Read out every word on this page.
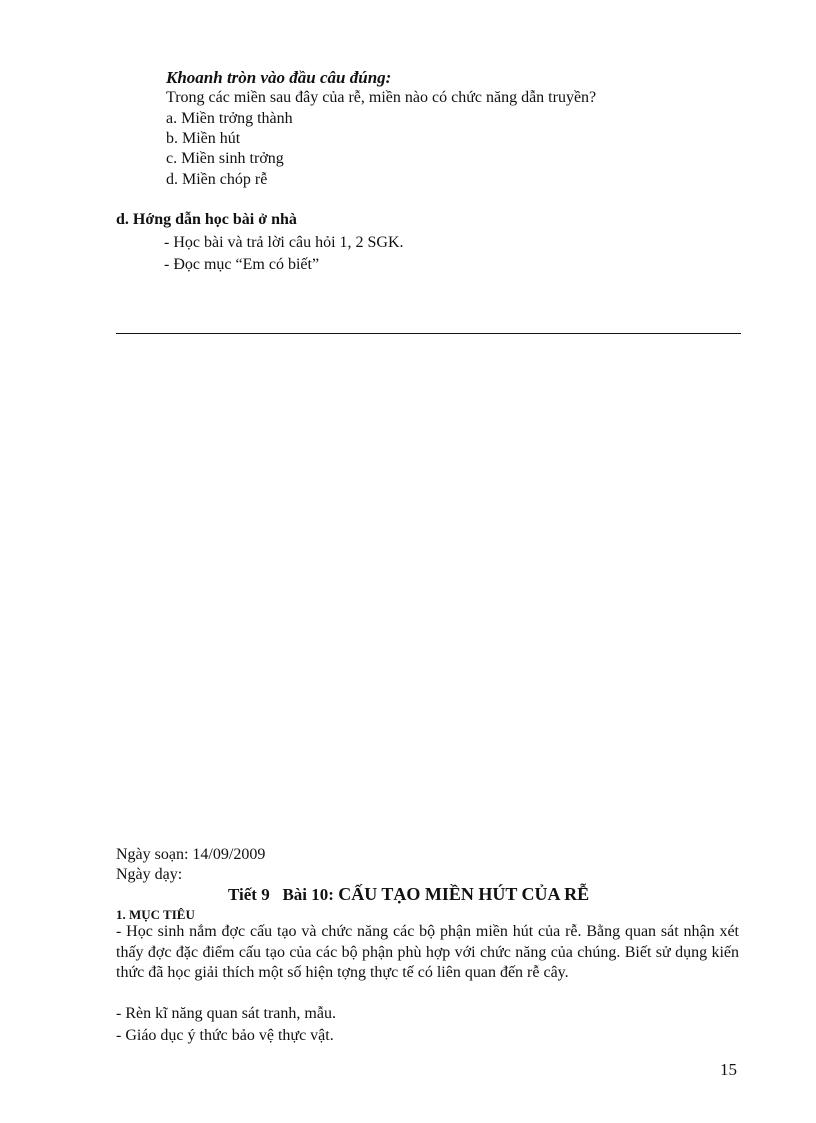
Khoanh tròn vào đầu câu đúng:
Trong các miền sau đây của rễ, miền nào có chức năng dẫn truyền?
a. Miền trởng thành
b. Miền hút
c. Miền sinh trởng
d. Miền chóp rễ
d. Hớng dẫn học bài ở nhà
- Học bài và trả lời câu hỏi 1, 2 SGK.
- Đọc mục “Em có biết”
Ngày soạn: 14/09/2009
Ngày dạy:
Tiết 9 Bài 10: CẤU TẠO MIỀN HÚT CỦA RỄ
1. MỤC TIÊU
- Học sinh nắm đợc cấu tạo và chức năng các bộ phận miền hút của rễ. Bằng quan sát nhận xét thấy đợc đặc điểm cấu tạo của các bộ phận phù hợp với chức năng của chúng. Biết sử dụng kiến thức đã học giải thích một số hiện tợng thực tế có liên quan đến rễ cây.
- Rèn kĩ năng quan sát tranh, mẫu.
- Giáo dục ý thức bảo vệ thực vật.
15
